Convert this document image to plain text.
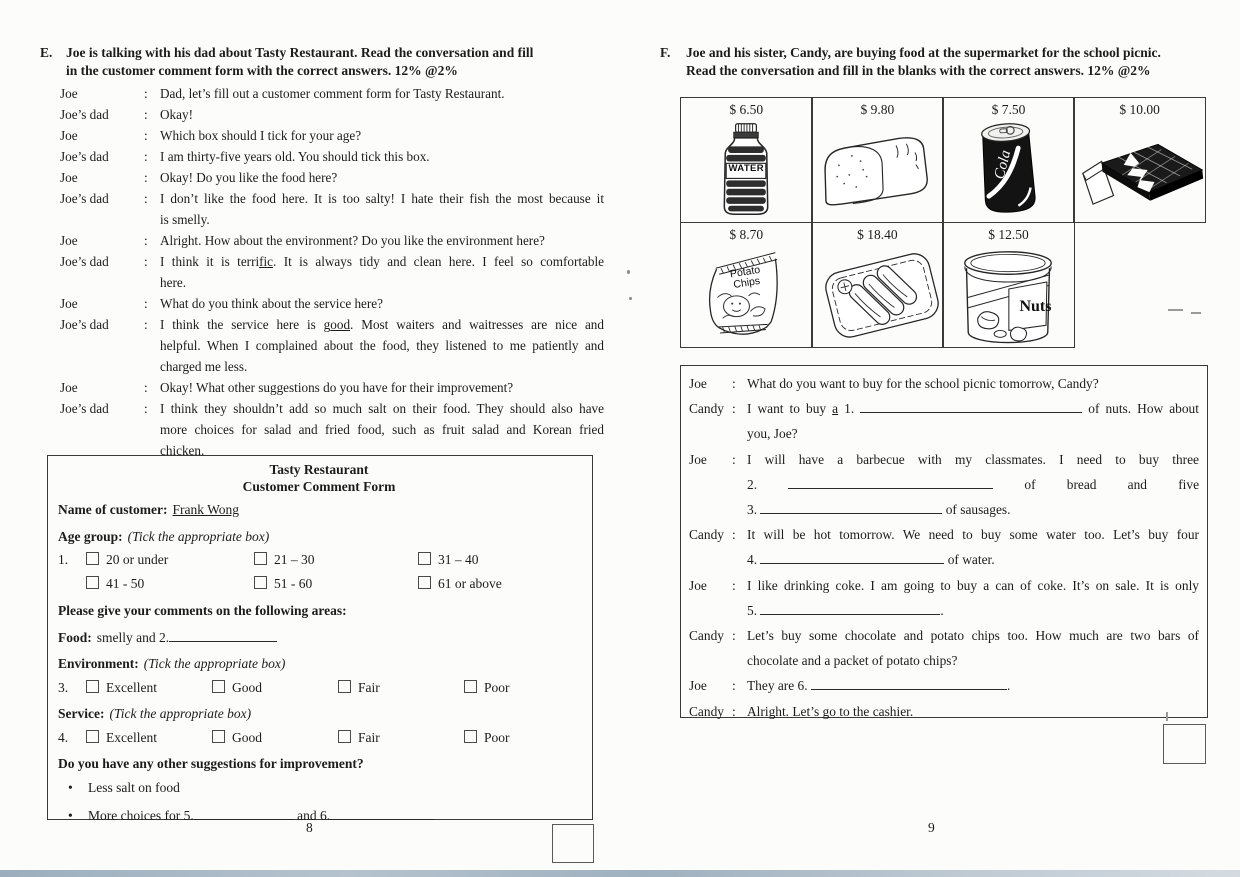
E.	Joe is talking with his dad about Tasty Restaurant. Read the conversation and fill
in the customer comment form with the correct answers. 12% @2%
Joe	: Dad, let’s fill out a customer comment form for Tasty Restaurant.
Joe’s dad	: Okay!
Joe	: Which box should I tick for your age?
Joe’s dad	: I am thirty-five years old. You should tick this box.
Joe	: Okay! Do you like the food here?
Joe’s dad	: I don’t like the food here. It is too salty! I hate their fish the most because it
is smelly.
Joe	: Alright. How about the environment? Do you like the environment here?
Joe’s dad	: I think it is terrific. It is always tidy and clean here. I feel so comfortable
here.
Joe	: What do you think about the service here?
Joe’s dad	: I think the service here is good. Most waiters and waitresses are nice and
helpful. When I complained about the food, they listened to me patiently and
charged me less.
Joe	: Okay! What other suggestions do you have for their improvement?
Joe’s dad	: I think they shouldn’t add so much salt on their food. They should also have
more choices for salad and fried food, such as fruit salad and Korean fried
chicken.
Tasty Restaurant
Customer Comment Form
Name of customer: Frank Wong
Age group: (Tick the appropriate box)
1.	20 or under	21 – 30	31 – 40
41 - 50	51 - 60	61 or above
Please give your comments on the following areas:
Food: smelly and 2.
Environment: (Tick the appropriate box)
3.	Excellent	Good	Fair	Poor
Service: (Tick the appropriate box)
4.	Excellent	Good	Fair	Poor
Do you have any other suggestions for improvement?
• Less salt on food
• More choices for 5.	and 6.
8
F.	Joe and his sister, Candy, are buying food at the supermarket for the school picnic.
Read the conversation and fill in the blanks with the correct answers. 12% @2%
$ 6.50
WATER
$ 9.80	$ 7.50
Cola
$ 10.00
$ 8.70
Potato Chips
$ 18.40	$ 12.50
Nuts
Joe	: What do you want to buy for the school picnic tomorrow, Candy?
Candy : I want to buy a 1.	of nuts. How about
you, Joe?
Joe	: I will have a barbecue with my classmates. I need to buy three
2.	of bread and five
3.	of sausages.
Candy : It will be hot tomorrow. We need to buy some water too. Let’s buy four
4.	of water.
Joe	: I like drinking coke. I am going to buy a can of coke. It’s on sale. It is only
5.	.
Candy : Let’s buy some chocolate and potato chips too. How much are two bars of
chocolate and a packet of potato chips?
Joe	: They are 6.	.
Candy : Alright. Let’s go to the cashier.
9
